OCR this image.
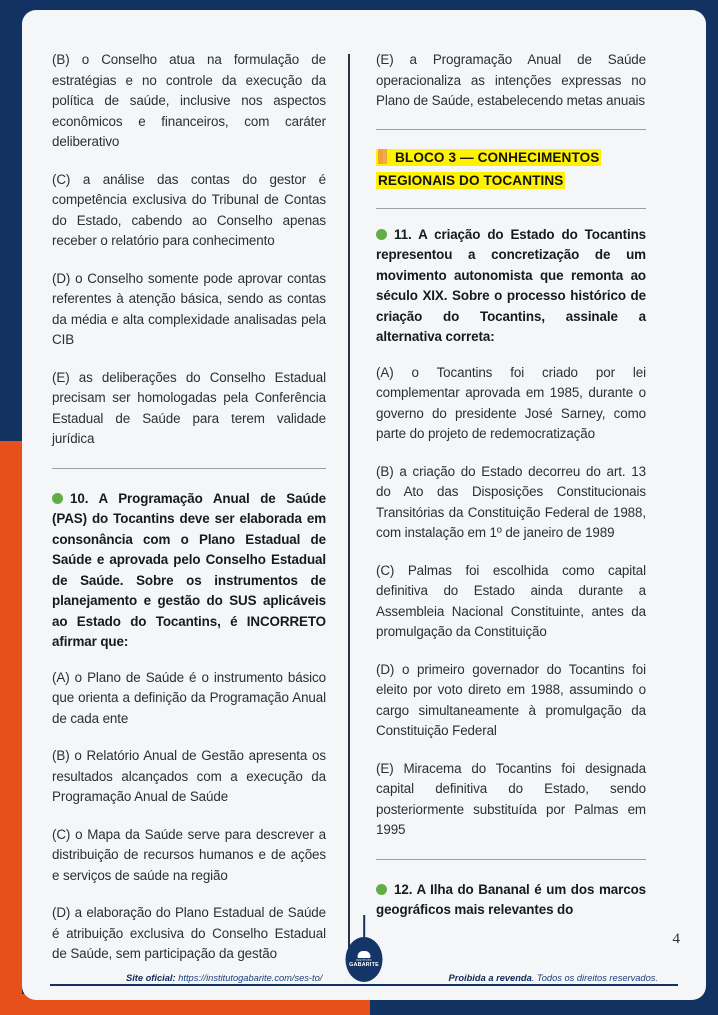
(B) o Conselho atua na formulação de estratégias e no controle da execução da política de saúde, inclusive nos aspectos econômicos e financeiros, com caráter deliberativo

(C) a análise das contas do gestor é competência exclusiva do Tribunal de Contas do Estado, cabendo ao Conselho apenas receber o relatório para conhecimento

(D) o Conselho somente pode aprovar contas referentes à atenção básica, sendo as contas da média e alta complexidade analisadas pela CIB

(E) as deliberações do Conselho Estadual precisam ser homologadas pela Conferência Estadual de Saúde para terem validade jurídica

10. A Programação Anual de Saúde (PAS) do Tocantins deve ser elaborada em consonância com o Plano Estadual de Saúde e aprovada pelo Conselho Estadual de Saúde. Sobre os instrumentos de planejamento e gestão do SUS aplicáveis ao Estado do Tocantins, é INCORRETO afirmar que:

(A) o Plano de Saúde é o instrumento básico que orienta a definição da Programação Anual de cada ente

(B) o Relatório Anual de Gestão apresenta os resultados alcançados com a execução da Programação Anual de Saúde

(C) o Mapa da Saúde serve para descrever a distribuição de recursos humanos e de ações e serviços de saúde na região

(D) a elaboração do Plano Estadual de Saúde é atribuição exclusiva do Conselho Estadual de Saúde, sem participação da gestão

(E) a Programação Anual de Saúde operacionaliza as intenções expressas no Plano de Saúde, estabelecendo metas anuais

BLOCO 3 — CONHECIMENTOS REGIONAIS DO TOCANTINS

11. A criação do Estado do Tocantins representou a concretização de um movimento autonomista que remonta ao século XIX. Sobre o processo histórico de criação do Tocantins, assinale a alternativa correta:

(A) o Tocantins foi criado por lei complementar aprovada em 1985, durante o governo do presidente José Sarney, como parte do projeto de redemocratização

(B) a criação do Estado decorreu do art. 13 do Ato das Disposições Constitucionais Transitórias da Constituição Federal de 1988, com instalação em 1º de janeiro de 1989

(C) Palmas foi escolhida como capital definitiva do Estado ainda durante a Assembleia Nacional Constituinte, antes da promulgação da Constituição

(D) o primeiro governador do Tocantins foi eleito por voto direto em 1988, assumindo o cargo simultaneamente à promulgação da Constituição Federal

(E) Miracema do Tocantins foi designada capital definitiva do Estado, sendo posteriormente substituída por Palmas em 1995

12. A Ilha do Bananal é um dos marcos geográficos mais relevantes do

4
INSTITUTO
GABARITE
Site oficial: https://institutogabarite.com/ses-to/	Proibida a revenda. Todos os direitos reservados.
